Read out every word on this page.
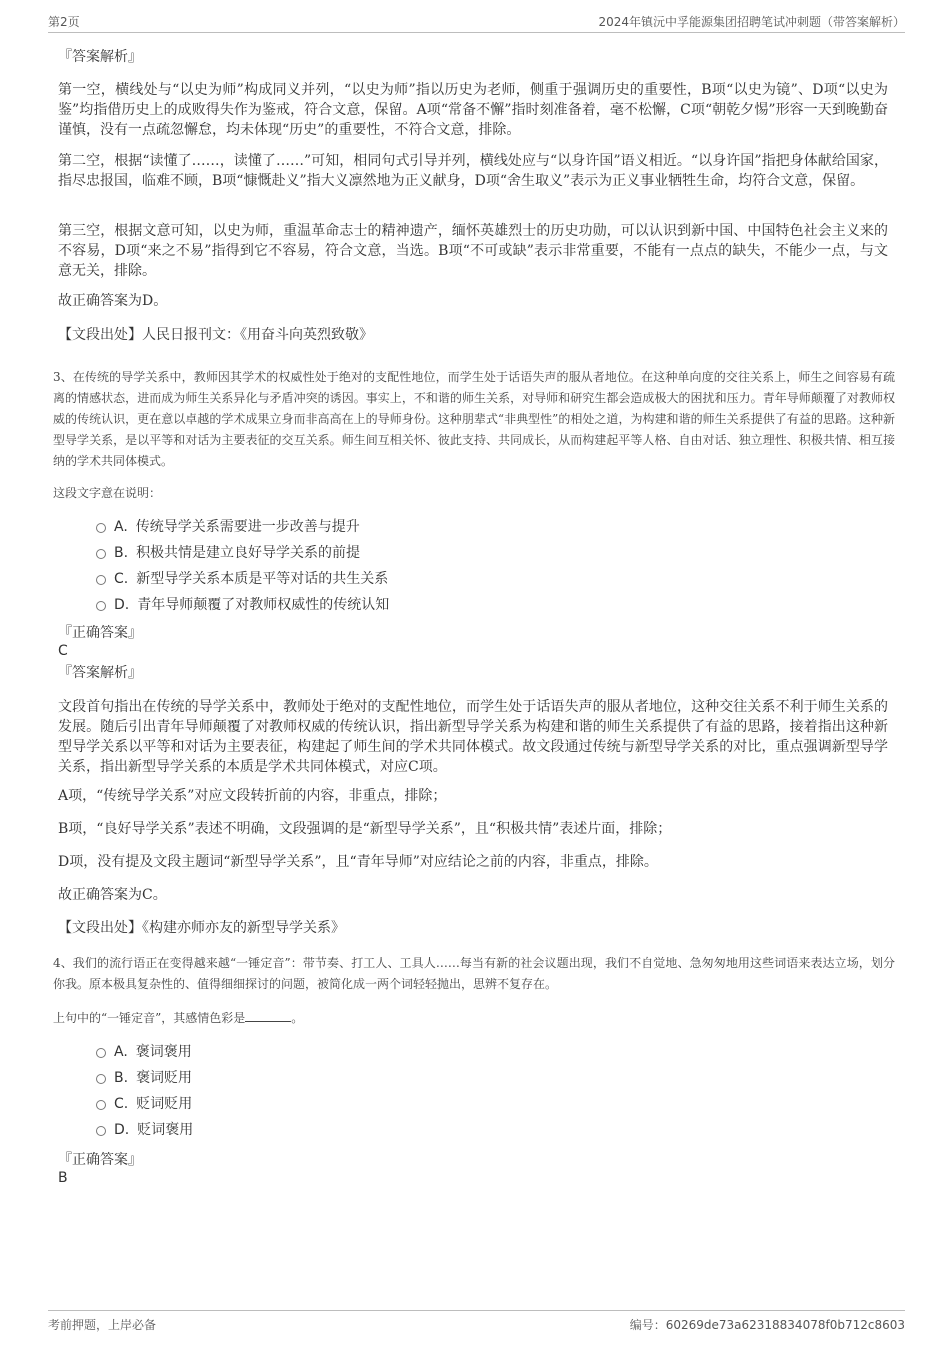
第2页	2024年镇沅中孚能源集团招聘笔试冲刺题（带答案解析）
『答案解析』

第一空，横线处与“以史为师”构成同义并列，“以史为师”指以历史为老师，侧重于强调历史的重要性，B项“以史为镜”、D项“以史为鉴”均指借历史上的成败得失作为鉴戒，符合文意，保留。A项“常备不懈”指时刻准备着，毫不松懈，C项“朝乾夕惕”形容一天到晚勤奋谨慎，没有一点疏忽懈怠，均未体现“历史”的重要性，不符合文意，排除。

第二空，根据“读懂了……，读懂了……”可知，相同句式引导并列，横线处应与“以身许国”语义相近。“以身许国”指把身体献给国家，指尽忠报国，临难不顾，B项“慷慨赴义”指大义凛然地为正义献身，D项“舍生取义”表示为正义事业牺牲生命，均符合文意，保留。

第三空，根据文意可知，以史为师，重温革命志士的精神遗产，缅怀英雄烈士的历史功勋，可以认识到新中国、中国特色社会主义来的不容易，D项“来之不易”指得到它不容易，符合文意，当选。B项“不可或缺”表示非常重要，不能有一点点的缺失，不能少一点，与文意无关，排除。

故正确答案为D。

【文段出处】人民日报刊文：《用奋斗向英烈致敬》

3、在传统的导学关系中，教师因其学术的权威性处于绝对的支配性地位，而学生处于话语失声的服从者地位。在这种单向度的交往关系上，师生之间容易有疏离的情感状态，进而成为师生关系异化与矛盾冲突的诱因。事实上，不和谐的师生关系，对导师和研究生都会造成极大的困扰和压力。青年导师颠覆了对教师权威的传统认识，更在意以卓越的学术成果立身而非高高在上的导师身份。这种朋辈式“非典型性”的相处之道，为构建和谐的师生关系提供了有益的思路。这种新型导学关系，是以平等和对话为主要表征的交互关系。师生间互相关怀、彼此支持、共同成长，从而构建起平等人格、自由对话、独立理性、积极共情、相互接纳的学术共同体模式。

这段文字意在说明：
A. 传统导学关系需要进一步改善与提升
B. 积极共情是建立良好导学关系的前提
C. 新型导学关系本质是平等对话的共生关系
D. 青年导师颠覆了对教师权威性的传统认知
『正确答案』
C
『答案解析』

文段首句指出在传统的导学关系中，教师处于绝对的支配性地位，而学生处于话语失声的服从者地位，这种交往关系不利于师生关系的发展。随后引出青年导师颠覆了对教师权威的传统认识，指出新型导学关系为构建和谐的师生关系提供了有益的思路，接着指出这种新型导学关系以平等和对话为主要表征，构建起了师生间的学术共同体模式。故文段通过传统与新型导学关系的对比，重点强调新型导学关系，指出新型导学关系的本质是学术共同体模式，对应C项。

A项，“传统导学关系”对应文段转折前的内容，非重点，排除；

B项，“良好导学关系”表述不明确，文段强调的是“新型导学关系”，且“积极共情”表述片面，排除；

D项，没有提及文段主题词“新型导学关系”，且“青年导师”对应结论之前的内容，非重点，排除。

故正确答案为C。

【文段出处】《构建亦师亦友的新型导学关系》

4、我们的流行语正在变得越来越“一锤定音”：带节奏、打工人、工具人……每当有新的社会议题出现，我们不自觉地、急匆匆地用这些词语来表达立场，划分你我。原本极具复杂性的、值得细细探讨的问题，被简化成一两个词轻轻抛出，思辨不复存在。

上句中的“一锤定音”，其感情色彩是	。
A. 褒词褒用
B. 褒词贬用
C. 贬词贬用
D. 贬词褒用
『正确答案』
B
考前押题，上岸必备	编号：60269de73a62318834078f0b712c8603
